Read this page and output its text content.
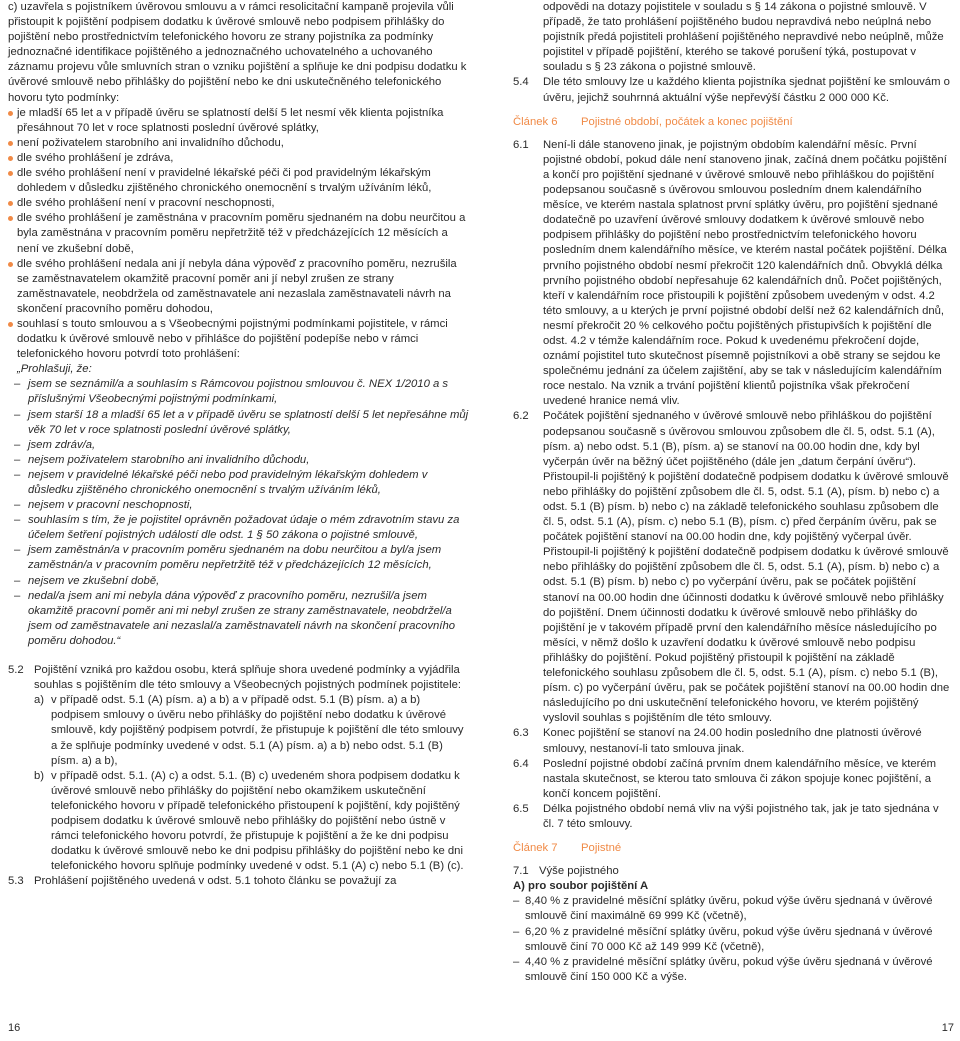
c) uzavřela s pojistníkem úvěrovou smlouvu a v rámci resolicitační kampaně projevila vůli přistoupit k pojištění podpisem dodatku k úvěrové smlouvě nebo podpisem přihlášky do pojištění nebo prostřednictvím telefonického hovoru ze strany pojistníka za podmínky jednoznačné identifikace pojištěného a jednoznačného uchovatelného a uchovaného záznamu projevu vůle smluvních stran o vzniku pojištění a splňuje ke dni podpisu dodatku k úvěrové smlouvě nebo přihlášky do pojištění nebo ke dni uskutečněného telefonického hovoru tyto podmínky:

je mladší 65 let a v případě úvěru se splatností delší 5 let nesmí věk klienta pojistníka přesáhnout 70 let v roce splatnosti poslední úvěrové splátky,
není poživatelem starobního ani invalidního důchodu,
dle svého prohlášení je zdráva,
dle svého prohlášení není v pravidelné lékařské péči či pod pravidelným lékařským dohledem v důsledku zjištěného chronického onemocnění s trvalým užíváním léků,
dle svého prohlášení není v pracovní neschopnosti,
dle svého prohlášení je zaměstnána v pracovním poměru sjednaném na dobu neurčitou a byla zaměstnána v pracovním poměru nepřetržitě též v předcházejících 12 měsících a není ve zkušební době,
dle svého prohlášení nedala ani jí nebyla dána výpověď z pracovního poměru, nezrušila se zaměstnavatelem okamžitě pracovní poměr ani jí nebyl zrušen ze strany zaměstnavatele, neobdržela od zaměstnavatele ani nezaslala zaměstnavateli návrh na skončení pracovního poměru dohodou,
souhlasí s touto smlouvou a s Všeobecnými pojistnými podmínkami pojistitele, v rámci dodatku k úvěrové smlouvě nebo v přihlášce do pojištění podepíše nebo v rámci telefonického hovoru potvrdí toto prohlášení:

„Prohlašuji, že:

– jsem se seznámil/a a souhlasím s Rámcovou pojistnou smlouvou č. NEX 1/2010 a s příslušnými Všeobecnými pojistnými podmínkami,
– jsem starší 18 a mladší 65 let a v případě úvěru se splatností delší 5 let nepřesáhne můj věk 70 let v roce splatnosti poslední úvěrové splátky,
– jsem zdráv/a,
– nejsem poživatelem starobního ani invalidního důchodu,
– nejsem v pravidelné lékařské péči nebo pod pravidelným lékařským dohledem v důsledku zjištěného chronického onemocnění s trvalým užíváním léků,
– nejsem v pracovní neschopnosti,
– souhlasím s tím, že je pojistitel oprávněn požadovat údaje o mém zdravotním stavu za účelem šetření pojistných událostí dle odst. 1 § 50 zákona o pojistné smlouvě,
– jsem zaměstnán/a v pracovním poměru sjednaném na dobu neurčitou a byl/a jsem zaměstnán/a v pracovním poměru nepřetržitě též v předcházejících 12 měsících,
– nejsem ve zkušební době,
– nedal/a jsem ani mi nebyla dána výpověď z pracovního poměru, nezrušil/a jsem okamžitě pracovní poměr ani mi nebyl zrušen ze strany zaměstnavatele, neobdržel/a jsem od zaměstnavatele ani nezaslal/a zaměstnavateli návrh na skončení pracovního poměru dohodou.“
5.2 Pojištění vzniká pro každou osobu, která splňuje shora uvedené podmínky a vyjádřila souhlas s pojištěním dle této smlouvy a Všeobecných pojistných podmínek pojistitele:

a) v případě odst. 5.1 (A) písm. a) a b) a v případě odst. 5.1 (B) písm. a) a b) podpisem smlouvy o úvěru nebo přihlášky do pojištění nebo dodatku k úvěrové smlouvě, kdy pojištěný podpisem potvrdí, že přistupuje k pojištění dle této smlouvy a že splňuje podmínky uvedené v odst. 5.1 (A) písm. a) a b) nebo odst. 5.1 (B) písm. a) a b),
b) v případě odst. 5.1. (A) c) a odst. 5.1. (B) c) uvedeném shora podpisem dodatku k úvěrové smlouvě nebo přihlášky do pojištění nebo okamžikem uskutečnění telefonického hovoru v případě telefonického přistoupení k pojištění, kdy pojištěný podpisem dodatku k úvěrové smlouvě nebo přihlášky do pojištění nebo ústně v rámci telefonického hovoru potvrdí, že přistupuje k pojištění a že ke dni podpisu dodatku k úvěrové smlouvě nebo ke dni podpisu přihlášky do pojištění nebo ke dni telefonického hovoru splňuje podmínky uvedené v odst. 5.1 (A) c) nebo 5.1 (B) (c).
5.3 Prohlášení pojištěného uvedená v odst. 5.1 tohoto článku se považují za

odpovědi na dotazy pojistitele v souladu s § 14 zákona o pojistné smlouvě. V případě, že tato prohlášení pojištěného budou nepravdivá nebo neúplná nebo pojistník předá pojistiteli prohlášení pojištěného nepravdivé nebo neúplně, může pojistitel v případě pojištění, kterého se takové porušení týká, postupovat v souladu s § 23 zákona o pojistné smlouvě.

5.4	Dle této smlouvy lze u každého klienta pojistníka sjednat pojištění ke smlouvám o úvěru, jejichž souhrnná aktuální výše nepřevýší částku 2 000 000 Kč.

Článek 6 Pojistné období, počátek a konec pojištění
6.1	Není-li dále stanoveno jinak, je pojistným obdobím kalendářní měsíc. První pojistné období, pokud dále není stanoveno jinak, začíná dnem počátku pojištění a končí pro pojištění sjednané v úvěrové smlouvě nebo přihláškou do pojištění podepsanou současně s úvěrovou smlouvou posledním dnem kalendářního měsíce, ve kterém nastala splatnost první splátky úvěru, pro pojištění sjednané dodatečně po uzavření úvěrové smlouvy dodatkem k úvěrové smlouvě nebo podpisem přihlášky do pojištění nebo prostřednictvím telefonického hovoru posledním dnem kalendářního měsíce, ve kterém nastal počátek pojištění. Délka prvního pojistného období nesmí překročit 120 kalendářních dnů. Obvyklá délka prvního pojistného období nepřesahuje 62 kalendářních dnů. Počet pojištěných, kteří v kalendářním roce přistoupili k pojištění způsobem uvedeným v odst. 4.2 této smlouvy, a u kterých je první pojistné období delší než 62 kalendářních dnů, nesmí překročit 20 % celkového počtu pojištěných přistupivších k pojištění dle odst. 4.2 v témže kalendářním roce. Pokud k uvedenému překročení dojde, oznámí pojistitel tuto skutečnost písemně pojistníkovi a obě strany se sejdou ke společnému jednání za účelem zajištění, aby se tak v následujícím kalendářním roce nestalo. Na vznik a trvání pojištění klientů pojistníka však překročení uvedené hranice nemá vliv.

6.2	Počátek pojištění sjednaného v úvěrové smlouvě nebo přihláškou do pojištění podepsanou současně s úvěrovou smlouvou způsobem dle čl. 5, odst. 5.1 (A), písm. a) nebo odst. 5.1 (B), písm. a) se stanoví na 00.00 hodin dne, kdy byl vyčerpán úvěr na běžný účet pojištěného (dále jen „datum čerpání úvěru“). Přistoupil-li pojištěný k pojištění dodatečně podpisem dodatku k úvěrové smlouvě nebo přihlášky do pojištění způsobem dle čl. 5, odst. 5.1 (A), písm. b) nebo c) a odst. 5.1 (B) písm. b) nebo c) na základě telefonického souhlasu způsobem dle čl. 5, odst. 5.1 (A), písm. c) nebo 5.1 (B), písm. c) před čerpáním úvěru, pak se počátek pojištění stanoví na 00.00 hodin dne, kdy pojištěný vyčerpal úvěr. Přistoupil-li pojištěný k pojištění dodatečně podpisem dodatku k úvěrové smlouvě nebo přihlášky do pojištění způsobem dle čl. 5, odst. 5.1 (A), písm. b) nebo c) a odst. 5.1 (B) písm. b) nebo c) po vyčerpání úvěru, pak se počátek pojištění stanoví na 00.00 hodin dne účinnosti dodatku k úvěrové smlouvě nebo přihlášky do pojištění. Dnem účinnosti dodatku k úvěrové smlouvě nebo přihlášky do pojištění je v takovém případě první den kalendářního měsíce následujícího po měsíci, v němž došlo k uzavření dodatku k úvěrové smlouvě nebo podpisu přihlášky do pojištění. Pokud pojištěný přistoupil k pojištění na základě telefonického souhlasu způsobem dle čl. 5, odst. 5.1 (A), písm. c) nebo 5.1 (B), písm. c) po vyčerpání úvěru, pak se počátek pojištění stanoví na 00.00 hodin dne následujícího po dni uskutečnění telefonického hovoru, ve kterém pojištěný vyslovil souhlas s pojištěním dle této smlouvy.

6.3	Konec pojištění se stanoví na 24.00 hodin posledního dne platnosti úvěrové smlouvy, nestanoví-li tato smlouva jinak.

6.4	Poslední pojistné období začíná prvním dnem kalendářního měsíce, ve kterém nastala skutečnost, se kterou tato smlouva či zákon spojuje konec pojištění, a končí koncem pojištění.

6.5	Délka pojistného období nemá vliv na výši pojistného tak, jak je tato sjednána v čl. 7 této smlouvy.

Článek 7 Pojistné
7.1 Výše pojistného

A) pro soubor pojištění A

– 8,40 % z pravidelné měsíční splátky úvěru, pokud výše úvěru sjednaná v úvěrové smlouvě činí maximálně 69 999 Kč (včetně),
– 6,20 % z pravidelné měsíční splátky úvěru, pokud výše úvěru sjednaná v úvěrové smlouvě činí 70 000 Kč až 149 999 Kč (včetně),
– 4,40 % z pravidelné měsíční splátky úvěru, pokud výše úvěru sjednaná v úvěrové smlouvě činí 150 000 Kč a výše.
16	17
